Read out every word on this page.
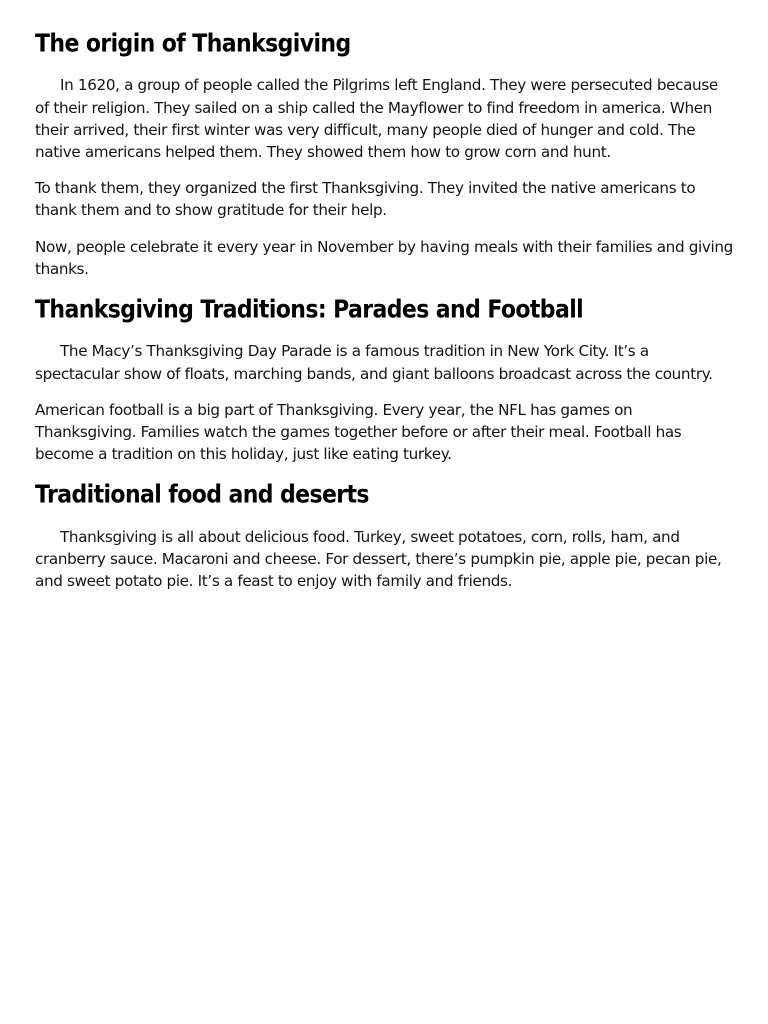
The origin of Thanksgiving

In 1620, a group of people called the Pilgrims left England. They were persecuted because of their religion. They sailed on a ship called the Mayflower to find freedom in america. When their arrived, their first winter was very difficult, many people died of hunger and cold. The native americans helped them. They showed them how to grow corn and hunt.

To thank them, they organized the first Thanksgiving. They invited the native americans to thank them and to show gratitude for their help.

Now, people celebrate it every year in November by having meals with their families and giving thanks.

Thanksgiving Traditions: Parades and Football

The Macy’s Thanksgiving Day Parade is a famous tradition in New York City. It’s a spectacular show of floats, marching bands, and giant balloons broadcast across the country.

American football is a big part of Thanksgiving. Every year, the NFL has games on Thanksgiving. Families watch the games together before or after their meal. Football has become a tradition on this holiday, just like eating turkey.

Traditional food and deserts

Thanksgiving is all about delicious food. Turkey, sweet potatoes, corn, rolls, ham, and cranberry sauce. Macaroni and cheese. For dessert, there’s pumpkin pie, apple pie, pecan pie, and sweet potato pie. It’s a feast to enjoy with family and friends.
